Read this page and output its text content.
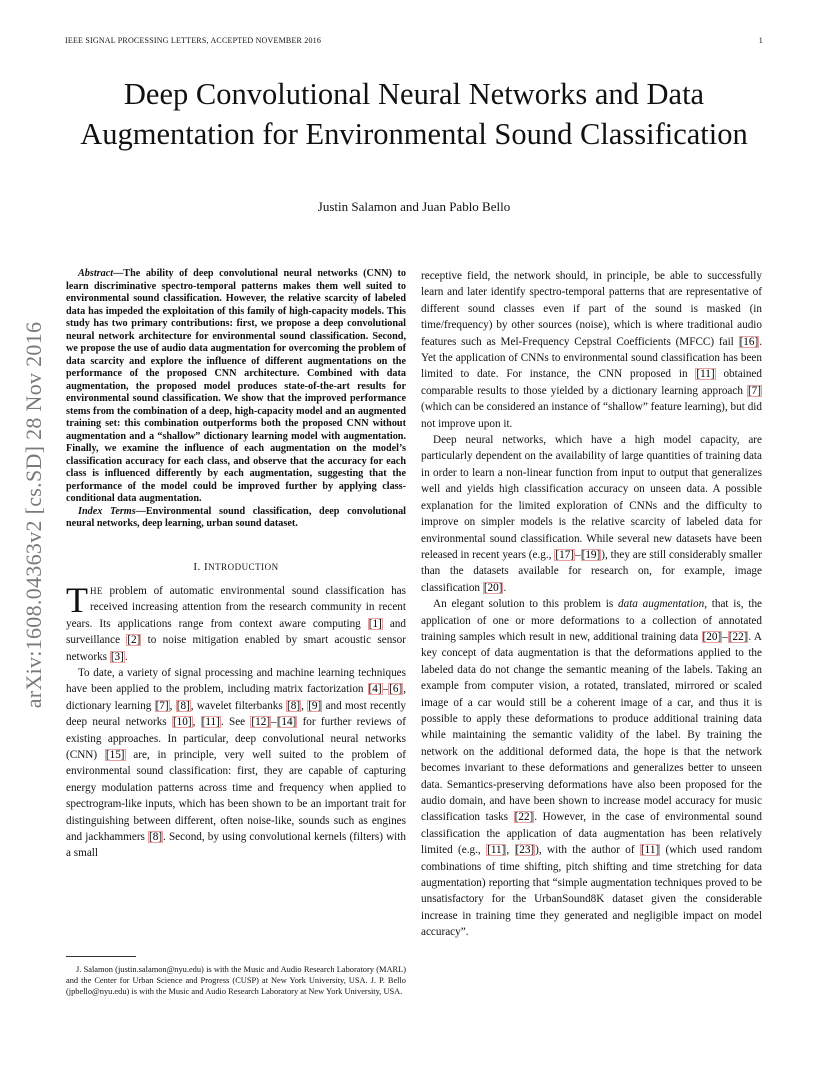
IEEE SIGNAL PROCESSING LETTERS, ACCEPTED NOVEMBER 2016	1
arXiv:1608.04363v2 [cs.SD] 28 Nov 2016
Deep Convolutional Neural Networks and Data Augmentation for Environmental Sound Classification
Justin Salamon and Juan Pablo Bello

Abstract—The ability of deep convolutional neural networks (CNN) to learn discriminative spectro-temporal patterns makes them well suited to environmental sound classification. However, the relative scarcity of labeled data has impeded the exploitation of this family of high-capacity models. This study has two primary contributions: first, we propose a deep convolutional neural network architecture for environmental sound classification. Second, we propose the use of audio data augmentation for overcoming the problem of data scarcity and explore the influence of different augmentations on the performance of the proposed CNN architecture. Combined with data augmentation, the proposed model produces state-of-the-art results for environmental sound classification. We show that the improved performance stems from the combination of a deep, high-capacity model and an augmented training set: this combination outperforms both the proposed CNN without augmentation and a “shallow” dictionary learning model with augmentation. Finally, we examine the influence of each augmentation on the model’s classification accuracy for each class, and observe that the accuracy for each class is influenced differently by each augmentation, suggesting that the performance of the model could be improved further by applying class-conditional data augmentation.

Index Terms—Environmental sound classification, deep convolutional neural networks, deep learning, urban sound dataset.

I. INTRODUCTION

THE problem of automatic environmental sound classification has received increasing attention from the research community in recent years. Its applications range from context aware computing [1] and surveillance [2] to noise mitigation enabled by smart acoustic sensor networks [3].

To date, a variety of signal processing and machine learning techniques have been applied to the problem, including matrix factorization [4]–[6], dictionary learning [7], [8], wavelet filterbanks [8], [9] and most recently deep neural networks [10], [11]. See [12]–[14] for further reviews of existing approaches. In particular, deep convolutional neural networks (CNN) [15] are, in principle, very well suited to the problem of environmental sound classification: first, they are capable of capturing energy modulation patterns across time and frequency when applied to spectrogram-like inputs, which has been shown to be an important trait for distinguishing between different, often noise-like, sounds such as engines and jackhammers [8]. Second, by using convolutional kernels (filters) with a small

J. Salamon (justin.salamon@nyu.edu) is with the Music and Audio Research Laboratory (MARL) and the Center for Urban Science and Progress (CUSP) at New York University, USA. J. P. Bello (jpbello@nyu.edu) is with the Music and Audio Research Laboratory at New York University, USA.

receptive field, the network should, in principle, be able to successfully learn and later identify spectro-temporal patterns that are representative of different sound classes even if part of the sound is masked (in time/frequency) by other sources (noise), which is where traditional audio features such as Mel-Frequency Cepstral Coefficients (MFCC) fail [16]. Yet the application of CNNs to environmental sound classification has been limited to date. For instance, the CNN proposed in [11] obtained comparable results to those yielded by a dictionary learning approach [7] (which can be considered an instance of “shallow” feature learning), but did not improve upon it.

Deep neural networks, which have a high model capacity, are particularly dependent on the availability of large quantities of training data in order to learn a non-linear function from input to output that generalizes well and yields high classification accuracy on unseen data. A possible explanation for the limited exploration of CNNs and the difficulty to improve on simpler models is the relative scarcity of labeled data for environmental sound classification. While several new datasets have been released in recent years (e.g., [17]–[19]), they are still considerably smaller than the datasets available for research on, for example, image classification [20].

An elegant solution to this problem is data augmentation, that is, the application of one or more deformations to a collection of annotated training samples which result in new, additional training data [20]–[22]. A key concept of data augmentation is that the deformations applied to the labeled data do not change the semantic meaning of the labels. Taking an example from computer vision, a rotated, translated, mirrored or scaled image of a car would still be a coherent image of a car, and thus it is possible to apply these deformations to produce additional training data while maintaining the semantic validity of the label. By training the network on the additional deformed data, the hope is that the network becomes invariant to these deformations and generalizes better to unseen data. Semantics-preserving deformations have also been proposed for the audio domain, and have been shown to increase model accuracy for music classification tasks [22]. However, in the case of environmental sound classification the application of data augmentation has been relatively limited (e.g., [11], [23]), with the author of [11] (which used random combinations of time shifting, pitch shifting and time stretching for data augmentation) reporting that “simple augmentation techniques proved to be unsatisfactory for the UrbanSound8K dataset given the considerable increase in training time they generated and negligible impact on model accuracy”.
